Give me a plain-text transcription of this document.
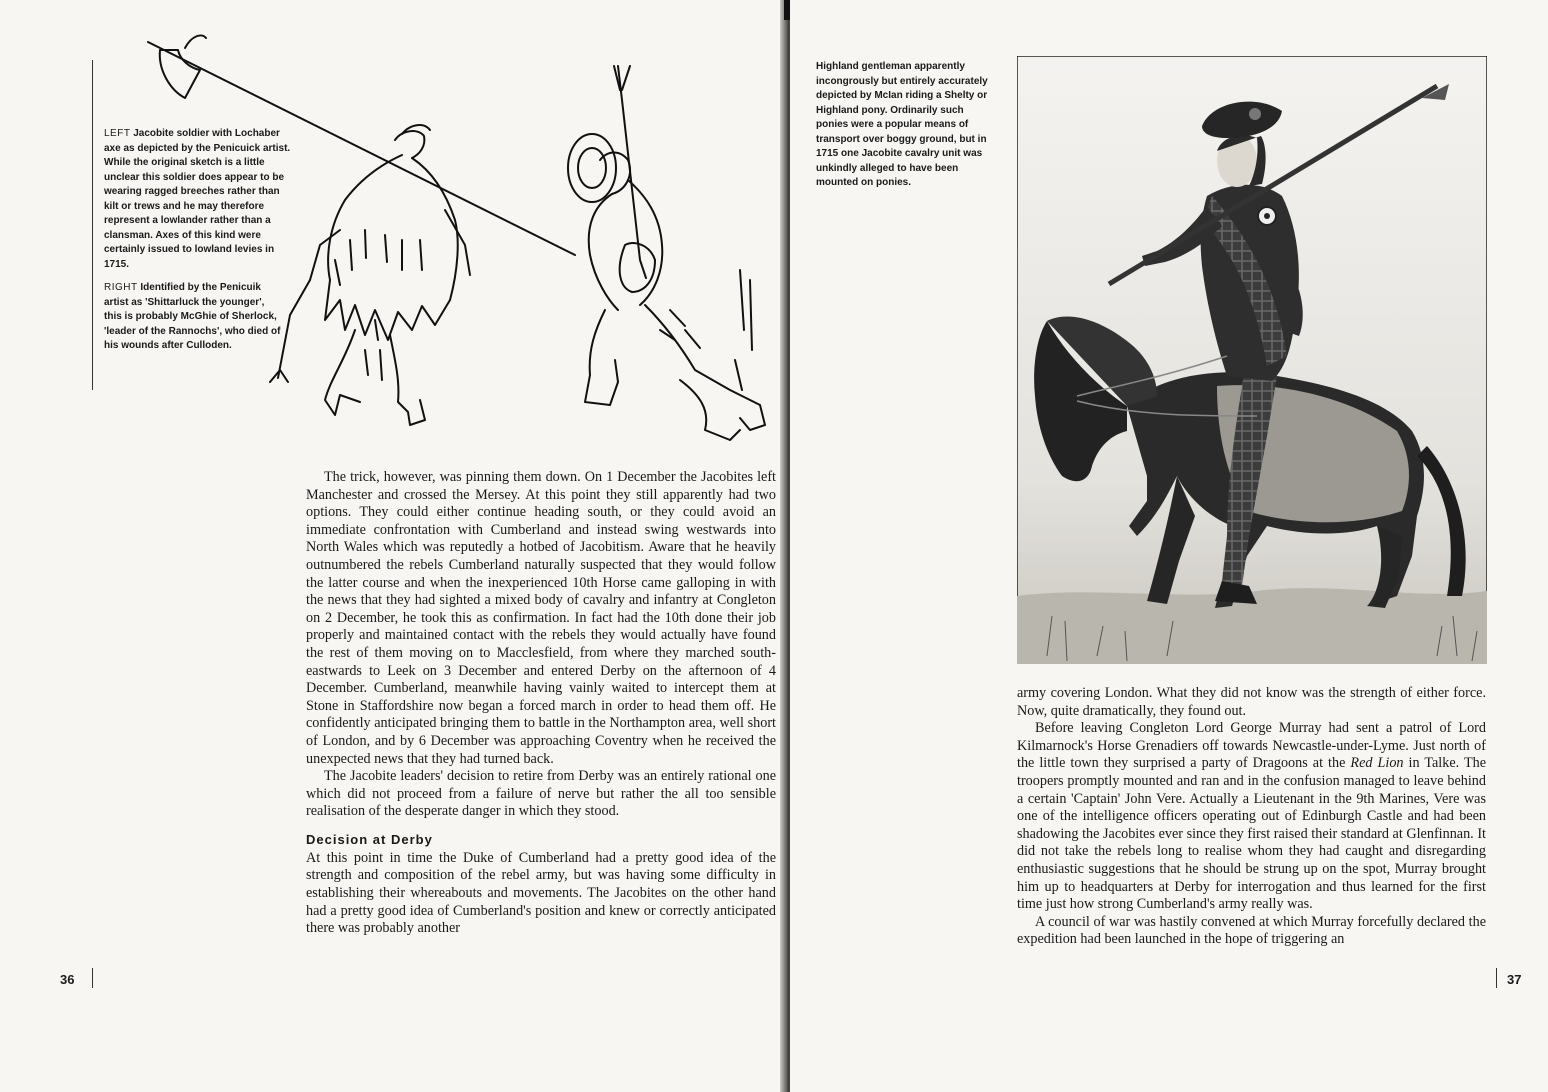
LEFT Jacobite soldier with Lochaber axe as depicted by the Penicuick artist. While the original sketch is a little unclear this soldier does appear to be wearing ragged breeches rather than kilt or trews and he may therefore represent a lowlander rather than a clansman. Axes of this kind were certainly issued to lowland levies in 1715.

RIGHT Identified by the Penicuik artist as 'Shittarluck the younger', this is probably McGhie of Sherlock, 'leader of the Rannochs', who died of his wounds after Culloden.

The trick, however, was pinning them down. On 1 December the Jacobites left Manchester and crossed the Mersey. At this point they still apparently had two options. They could either continue heading south, or they could avoid an immediate confrontation with Cumberland and instead swing westwards into North Wales which was reputedly a hotbed of Jacobitism. Aware that he heavily outnumbered the rebels Cumberland naturally suspected that they would follow the latter course and when the inexperienced 10th Horse came galloping in with the news that they had sighted a mixed body of cavalry and infantry at Congleton on 2 December, he took this as confirmation. In fact had the 10th done their job properly and maintained contact with the rebels they would actually have found the rest of them moving on to Macclesfield, from where they marched south-eastwards to Leek on 3 December and entered Derby on the afternoon of 4 December. Cumberland, meanwhile having vainly waited to intercept them at Stone in Staffordshire now began a forced march in order to head them off. He confidently anticipated bringing them to battle in the Northampton area, well short of London, and by 6 December was approaching Coventry when he received the unexpected news that they had turned back.

The Jacobite leaders' decision to retire from Derby was an entirely rational one which did not proceed from a failure of nerve but rather the all too sensible realisation of the desperate danger in which they stood.

Decision at Derby

At this point in time the Duke of Cumberland had a pretty good idea of the strength and composition of the rebel army, but was having some difficulty in establishing their whereabouts and movements. The Jacobites on the other hand had a pretty good idea of Cumberland's position and knew or correctly anticipated there was probably another

36
Highland gentleman apparently incongrously but entirely accurately depicted by McIan riding a Shelty or Highland pony. Ordinarily such ponies were a popular means of transport over boggy ground, but in 1715 one Jacobite cavalry unit was unkindly alleged to have been mounted on ponies.

army covering London. What they did not know was the strength of either force. Now, quite dramatically, they found out.

Before leaving Congleton Lord George Murray had sent a patrol of Lord Kilmarnock's Horse Grenadiers off towards Newcastle-under-Lyme. Just north of the little town they surprised a party of Dragoons at the Red Lion in Talke. The troopers promptly mounted and ran and in the confusion managed to leave behind a certain 'Captain' John Vere. Actually a Lieutenant in the 9th Marines, Vere was one of the intelligence officers operating out of Edinburgh Castle and had been shadowing the Jacobites ever since they first raised their standard at Glenfinnan. It did not take the rebels long to realise whom they had caught and disregarding enthusiastic suggestions that he should be strung up on the spot, Murray brought him up to headquarters at Derby for interrogation and thus learned for the first time just how strong Cumberland's army really was.

A council of war was hastily convened at which Murray forcefully declared the expedition had been launched in the hope of triggering an

37
